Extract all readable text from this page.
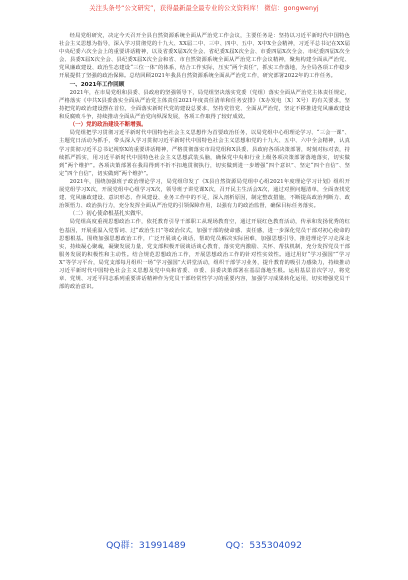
关注头条号“公文研究”，获得最新最全最专业的公文资料库！ 微信：gongwenyj

经局党组研究，决定今天召开全县自然资源系统全面从严治党工作会议，主要任务是：坚持以习近平新时代中国特色社会主义思想为指导，深入学习贯彻党的十九大、XX届二中、三中、四中、五中、X中X全会精神，习近平总书记在XX届中央纪委六次全会上的重要讲话精神，以及省委X届X次全会、省纪委X届X次全会、市委四届X次全会、市纪委四届X次全会、县委X届X次全会、县纪委X届X次全会和省、市自然资源系统全面从严治党工作会议精神，聚焦构建全面从严治党、党风廉政建设、政治生态建设“三位一体”的体系，结合工作实际，压实“两个责任”，抓实工作落地，为全局各项工作稳步开展提供了坚强的政治保障。总结回顾2021年我县自然资源系统全面从严治党工作，研究部署2022年的工作任务。

一、2021年工作回顾

2021年，在市局党组和县委、县政府的坚强领导下，局党组坚决落实党委（党组）落实全面从严治党主体责任规定，严格落实《中共X县委落实全面从严治党主体责任2021年度责任清单和任务安排》（X办发电〔X〕X号）的有关要求，坚持把党的政治建设摆在首位，全面落实新时代党的建设总要求，坚持党管党、全面从严治党，坚定不移推进党风廉政建设和反腐败斗争，持续推动全面从严治党向纵深发展，各项工作取得了较好成效。

（一）党的政治建设不断增强。

局党组把学习贯彻习近平新时代中国特色社会主义思想作为首要政治任务，以局党组中心组理论学习、“三会一课”、主题党日活动为抓手，带头深入学习贯彻习近平新时代中国特色社会主义思想和党的十九大、五中、六中全会精神，认真学习贯彻习近平总书记视察X的重要讲话精神，严格贯彻落实市局党组和X县委、县政府各项决策部署，时刻对标对表，持续抓严抓实，用习近平新时代中国特色社会主义思想武装头脑，确保党中央和行业上级各项决策部署落地落实，切实做到“两个维护”。各项决策部署在我局得到不折不扣地贯彻执行，切实做到进一步增强“四个意识”、坚定“四个自信”、坚定“四个自信”，切实做到“两个维护”。

2021年，围绕加强班子政治理论学习，局党组印发了《X县自然资源局党组中心组2021年度理论学习计划》组织开展党组学习X次，开展党组中心组学习X次，领导班子讲党课X次，召开民主生活会X次，通过对照问题清单，全面查找党建、党风廉政建设、意识形态、作风建设、业务工作中的不足，深入剖析原因，制定整改措施，不断提高政治判断力、政治领悟力、政治执行力，充分发挥全面从严治党的引领保障作用，以强有力的政治监督，确保目标任务落实。

（二）初心使命根基扎实做牢。

局党组高度重视思想政治工作，依托教育引导干部职工从现场教育空，通过开展红色教育活动，传承和发扬优秀的红色基因，开展重温入党誓词、过“政治生日”等政治仪式，加强干部的使命感、责任感，进一步深化党员干部对初心使命的思想根基。围绕加强思想政治工作，广泛开展谈心谈话，帮助党员解决实际困难，加强思想引导，推进理论学习走深走实，持续凝心聚魂，凝聚发展力量，党支部积极开展谈话谈心教育，落实党内激励、关怀、帮扶机制，充分发挥党员干部服务发展的积极性和主动性。结合规范思想政治工作，开展思想政治工作的针对性实效性。通过用好“学习强国”“学习X”等学习平台，局党支部每月组织一场“学习强国”大讲堂活动，组织干部学习业务，提升教育的吸引力感染力，持续推动习近平新时代中国特色社会主义思想及党中央和省委、市委、县委决策部署在基层落地生根。运用基层首次学习，将党章、党规、习近平同志系列重要讲话精神作为党员干部经常性学习的重要内容，加强学习成果转化运用，切实增强党员干部的政治意识。

QQ群：31991489	QQ：535304092
